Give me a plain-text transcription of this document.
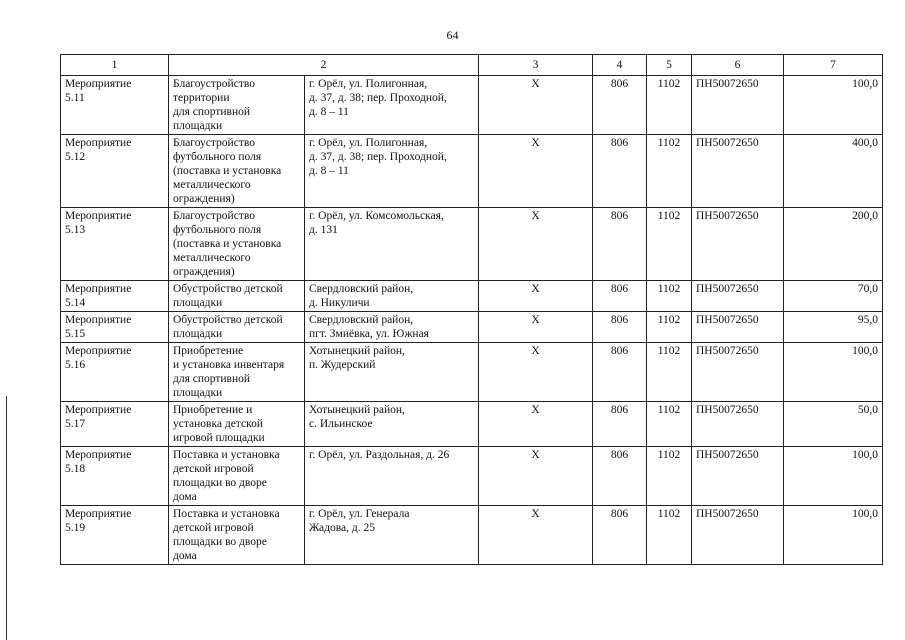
64
1	2		3	4	5	6	7
Мероприятие
5.11	Благоустройство
территории
для спортивной
площадки	г. Орёл, ул. Полигонная,
д. 37, д. 38; пер. Проходной,
д. 8 – 11	Х	806	1102	ПН50072650	100,0
Мероприятие
5.12	Благоустройство
футбольного поля
(поставка и установка
металлического
ограждения)	г. Орёл, ул. Полигонная,
д. 37, д. 38; пер. Проходной,
д. 8 – 11	Х	806	1102	ПН50072650	400,0
Мероприятие
5.13	Благоустройство
футбольного поля
(поставка и установка
металлического
ограждения)	г. Орёл, ул. Комсомольская,
д. 131	Х	806	1102	ПН50072650	200,0
Мероприятие
5.14	Обустройство детской
площадки	Свердловский район,
д. Никуличи	Х	806	1102	ПН50072650	70,0
Мероприятие
5.15	Обустройство детской
площадки	Свердловский район,
пгт. Змиёвка, ул. Южная	Х	806	1102	ПН50072650	95,0
Мероприятие
5.16	Приобретение
и установка инвентаря
для спортивной
площадки	Хотынецкий район,
п. Жудерский	Х	806	1102	ПН50072650	100,0
Мероприятие
5.17	Приобретение и
установка детской
игровой площадки	Хотынецкий район,
с. Ильинское	Х	806	1102	ПН50072650	50,0
Мероприятие
5.18	Поставка и установка
детской игровой
площадки во дворе
дома	г. Орёл, ул. Раздольная, д. 26	Х	806	1102	ПН50072650	100,0
Мероприятие
5.19	Поставка и установка
детской игровой
площадки во дворе
дома	г. Орёл, ул. Генерала
Жадова, д. 25	Х	806	1102	ПН50072650	100,0
